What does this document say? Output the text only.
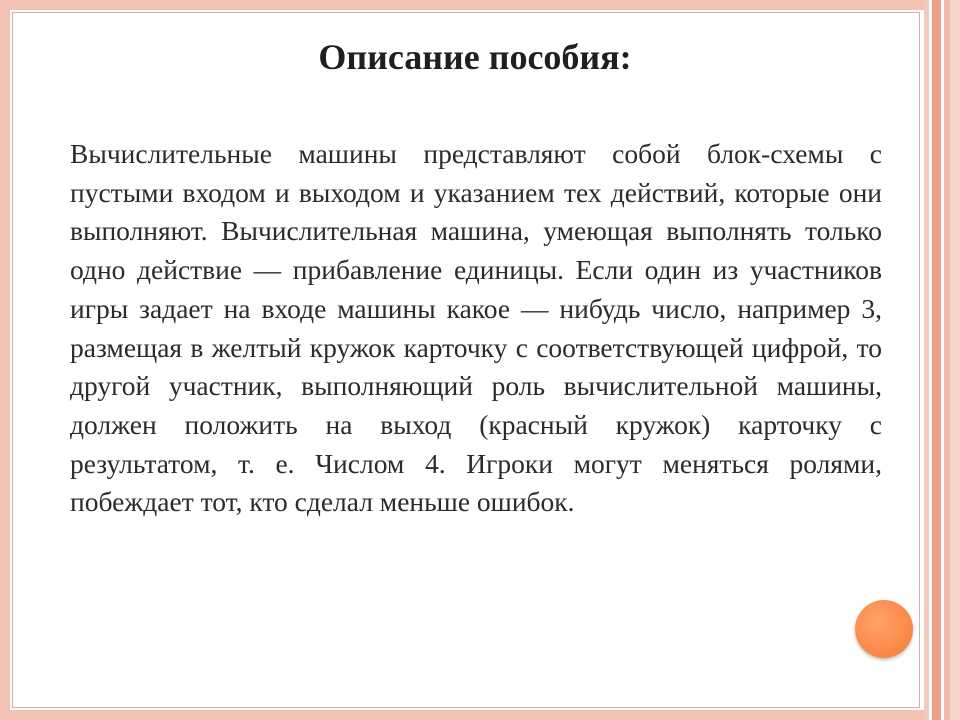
Описание пособия:

Вычислительные машины представляют собой блок-схемы с пустыми входом и выходом и указанием тех действий, которые они выполняют. Вычислительная машина, умеющая выполнять только одно действие — прибавление единицы. Если один из участников игры задает на входе машины какое — нибудь число, например 3, размещая в желтый кружок карточку с соответствующей цифрой, то другой участник, выполняющий роль вычислительной машины, должен положить на выход (красный кружок) карточку с результатом, т. е. Числом 4. Игроки могут меняться ролями, побеждает тот, кто сделал меньше ошибок.
